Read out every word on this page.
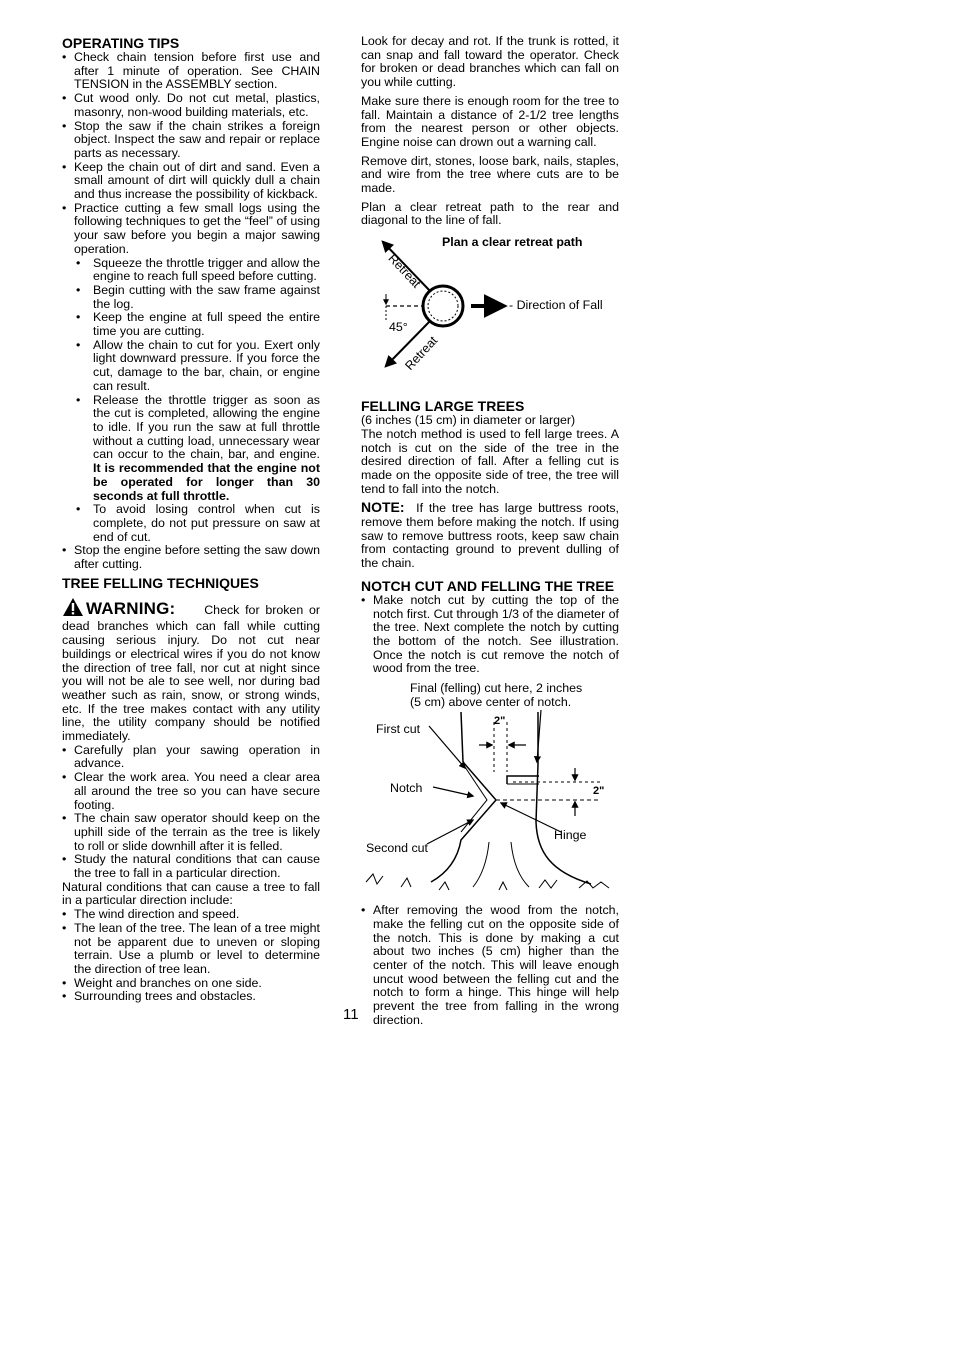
OPERATING TIPS
• Check chain tension before first use and after 1 minute of operation. See CHAIN TENSION in the ASSEMBLY section.
• Cut wood only. Do not cut metal, plastics, masonry, non-wood building materials, etc.
• Stop the saw if the chain strikes a foreign object. Inspect the saw and repair or replace parts as necessary.
• Keep the chain out of dirt and sand. Even a small amount of dirt will quickly dull a chain and thus increase the possibility of kickback.
• Practice cutting a few small logs using the following techniques to get the “feel” of using your saw before you begin a major sawing operation.
• Squeeze the throttle trigger and allow the engine to reach full speed before cutting.
• Begin cutting with the saw frame against the log.
• Keep the engine at full speed the entire time you are cutting.
• Allow the chain to cut for you. Exert only light downward pressure. If you force the cut, damage to the bar, chain, or engine can result.
• Release the throttle trigger as soon as the cut is completed, allowing the engine to idle. If you run the saw at full throttle without a cutting load, unnecessary wear can occur to the chain, bar, and engine. It is recommended that the engine not be operated for longer than 30 seconds at full throttle.
• To avoid losing control when cut is complete, do not put pressure on saw at end of cut.
• Stop the engine before setting the saw down after cutting.
TREE FELLING TECHNIQUES

WARNING: Check for broken or dead branches which can fall while cutting causing serious injury. Do not cut near buildings or electrical wires if you do not know the direction of tree fall, nor cut at night since you will not be ale to see well, nor during bad weather such as rain, snow, or strong winds, etc. If the tree makes contact with any utility line, the utility company should be notified immediately.

• Carefully plan your sawing operation in advance.
• Clear the work area. You need a clear area all around the tree so you can have secure footing.
• The chain saw operator should keep on the uphill side of the terrain as the tree is likely to roll or slide downhill after it is felled.
• Study the natural conditions that can cause the tree to fall in a particular direction.

Natural conditions that can cause a tree to fall in a particular direction include:

• The wind direction and speed.
• The lean of the tree. The lean of a tree might not be apparent due to uneven or sloping terrain. Use a plumb or level to determine the direction of tree lean.
• Weight and branches on one side.
• Surrounding trees and obstacles.

Look for decay and rot. If the trunk is rotted, it can snap and fall toward the operator. Check for broken or dead branches which can fall on you while cutting.

Make sure there is enough room for the tree to fall. Maintain a distance of 2-1/2 tree lengths from the nearest person or other objects. Engine noise can drown out a warning call.

Remove dirt, stones, loose bark, nails, staples, and wire from the tree where cuts are to be made.

Plan a clear retreat path to the rear and diagonal to the line of fall.

Plan a clear retreat path
Retreat
Retreat
45°
- Direction of Fall
FELLING LARGE TREES

(6 inches (15 cm) in diameter or larger)

The notch method is used to fell large trees. A notch is cut on the side of the tree in the desired direction of fall. After a felling cut is made on the opposite side of tree, the tree will tend to fall into the notch.

NOTE: If the tree has large buttress roots, remove them before making the notch. If using saw to remove buttress roots, keep saw chain from contacting ground to prevent dulling of the chain.

NOTCH CUT AND FELLING THE TREE
• Make notch cut by cutting the top of the notch first. Cut through 1/3 of the diameter of the tree. Next complete the notch by cutting the bottom of the notch. See illustration. Once the notch is cut remove the notch of wood from the tree.
Final (felling) cut here, 2 inches
(5 cm) above center of notch.
First cut
Notch
Second cut
Hinge
2"
2"
• After removing the wood from the notch, make the felling cut on the opposite side of the notch. This is done by making a cut about two inches (5 cm) higher than the center of the notch. This will leave enough uncut wood between the felling cut and the notch to form a hinge. This hinge will help prevent the tree from falling in the wrong direction.
11
